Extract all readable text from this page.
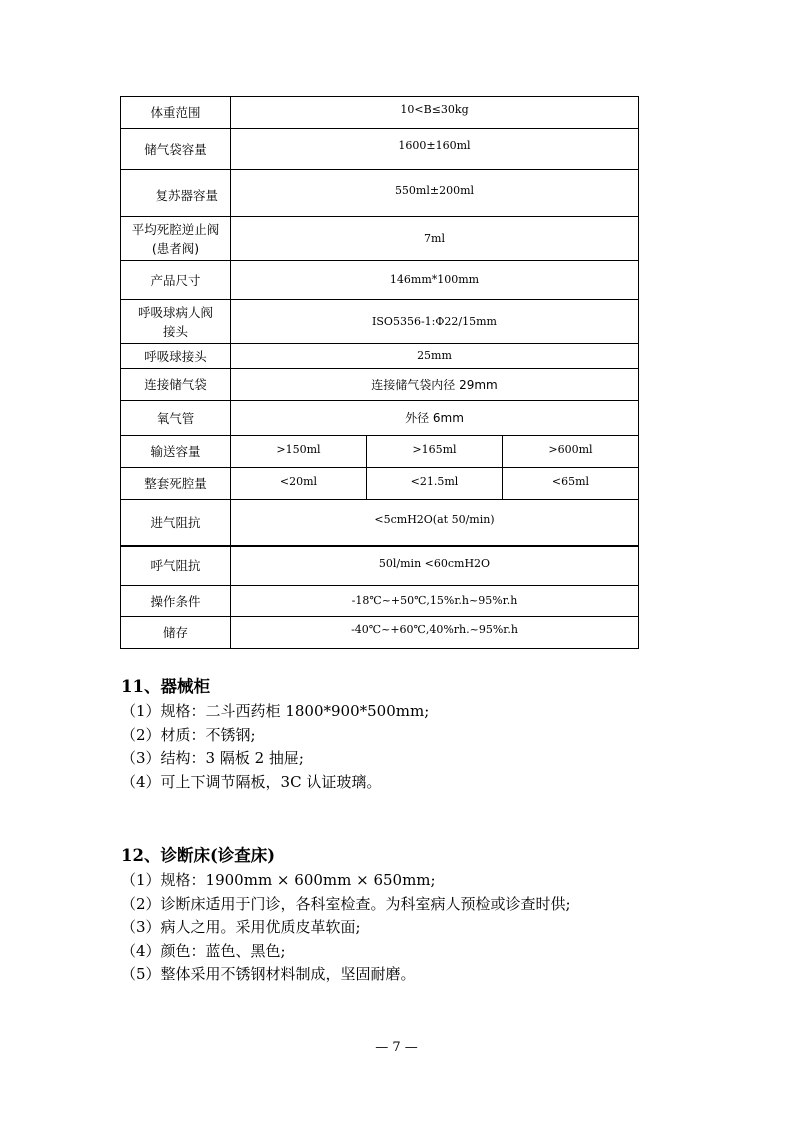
体重范围	10<B≤30kg		

储气袋容量	1600±160ml		

复苏器容量	550ml±200ml		

平均死腔逆止阀
(患者阀)	7ml		
产品尺寸	146mm*100mm		
呼吸球病人阀
接头	ISO5356-1:Φ22/15mm		
呼吸球接头	25mm		

连接储气袋	连接储气袋内径 29mm		
氧气管	外径 6mm		
输送容量	>150ml	>165ml	>600ml

整套死腔量	<20ml	<21.5ml	<65ml

进气阻抗	<5cmH2O(at 50/min)		

呼气阻抗	50l/min <60cmH2O		

操作条件	-18℃~+50℃,15%r.h~95%r.h		
储存	-40℃~+60℃,40%rh.~95%r.h		
11、器械柜

（1）规格：二斗西药柜 1800*900*500mm;

（2）材质：不锈钢;

（3）结构：3 隔板 2 抽屉;

（4）可上下调节隔板，3C 认证玻璃。

12、诊断床(诊查床)

（1）规格：1900mm × 600mm × 650mm;

（2）诊断床适用于门诊，各科室检查。为科室病人预检或诊查时供;

（3）病人之用。采用优质皮革软面;

（4）颜色：蓝色、黑色;

（5）整体采用不锈钢材料制成，坚固耐磨。

— 7 —
